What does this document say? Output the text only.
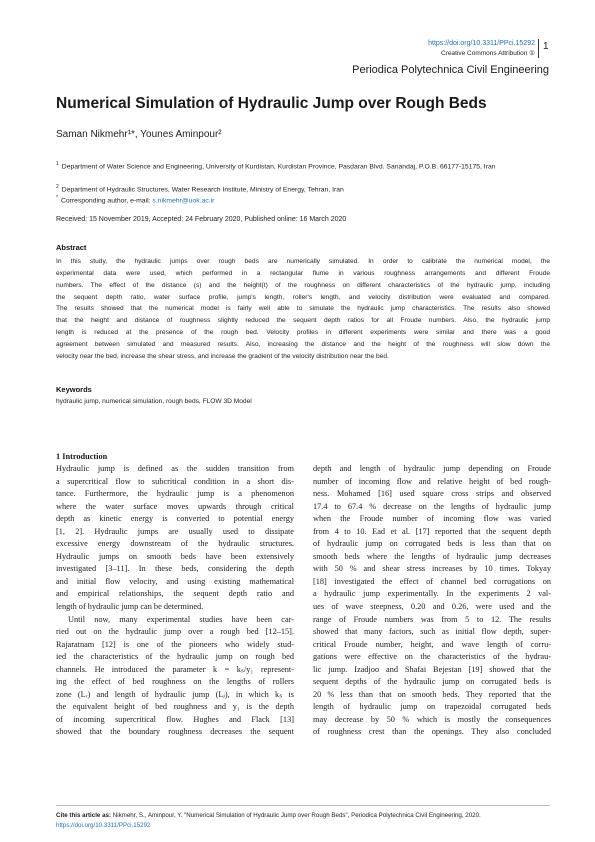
https://doi.org/10.3311/PPci.15292
Creative Commons Attribution ①
1
Periodica Polytechnica Civil Engineering
Numerical Simulation of Hydraulic Jump over Rough Beds
Saman Nikmehr¹*, Younes Aminpour²
$^1$ Department of Water Science and Engineering, University of Kurdistan, Kurdistan Province, Pasdaran Blvd. Sanandaj, P.O.B. 66177-15175, Iran
$^2$ Department of Hydraulic Structures, Water Research Institute, Ministry of Energy, Tehran, Iran
* Corresponding author, e-mail: s.nikmehr@uok.ac.ir
Received: 15 November 2019, Accepted: 24 February 2020, Published online: 16 March 2020
Abstract
In this study, the hydraulic jumps over rough beds are numerically simulated. In order to calibrate the numerical model, the
experimental data were used, which performed in a rectangular flume in various roughness arrangements and different Froude
numbers. The effect of the distance (s) and the height(t) of the roughness on different characteristics of the hydraulic jump, including
the sequent depth ratio, water surface profile, jump's length, roller's length, and velocity distribution were evaluated and compared.
The results showed that the numerical model is fairly well able to simulate the hydraulic jump characteristics. The results also showed
that the height and distance of roughness slightly reduced the sequent depth ratios for all Froude numbers. Also, the hydraulic jump
length is reduced at the presence of the rough bed. Velocity profiles in different experiments were similar and there was a good
agreement between simulated and measured results. Also, increasing the distance and the height of the roughness will slow down the
velocity near the bed, increase the shear stress, and increase the gradient of the velocity distribution near the bed.
Keywords
hydraulic jump, numerical simulation, rough beds, FLOW 3D Model
1 Introduction
Hydraulic jump is defined as the sudden transition from
a supercritical flow to subcritical condition in a short dis-
tance. Furthermore, the hydraulic jump is a phenomenon
where the water surface moves upwards through critical
depth as kinetic energy is converted to potential energy
[1, 2]. Hydraulic jumps are usually used to dissipate
excessive energy downstream of the hydraulic structures.
Hydraulic jumps on smooth beds have been extensively
investigated [3–11]. In these beds, considering the depth
and initial flow velocity, and using existing mathematical
and empirical relationships, the sequent depth ratio and
length of hydraulic jump can be determined.
Until now, many experimental studies have been car-
ried out on the hydraulic jump over a rough bed [12–15].
Rajaratnam [12] is one of the pioneers who widely stud-
ied the characteristics of the hydraulic jump on rough bed
channels. He introduced the parameter k = kₛ/y₁ represent-
ing the effect of bed roughness on the lengths of rollers
zone (Lᵣ) and length of hydraulic jump (Lⱼ), in which kₛ is
the equivalent height of bed roughness and y₁ is the depth
of incoming supercritical flow. Hughes and Flack [13]
showed that the boundary roughness decreases the sequent
depth and length of hydraulic jump depending on Froude
number of incoming flow and relative height of bed rough-
ness. Mohamed [16] used square cross strips and observed
17.4 to 67.4 % decrease on the lengths of hydraulic jump
when the Froude number of incoming flow was varied
from 4 to 10. Ead et al. [17] reported that the sequent depth
of hydraulic jump on corrugated beds is less than that on
smooth beds where the lengths of hydraulic jump decreases
with 50 % and shear stress increases by 10 times. Tokyay
[18] investigated the effect of channel bed corrugations on
a hydraulic jump experimentally. In the experiments 2 val-
ues of wave steepness, 0.20 and 0.26, were used and the
range of Froude numbers was from 5 to 12. The results
showed that many factors, such as initial flow depth, super-
critical Froude number, height, and wave length of corru-
gations were effective on the characteristics of the hydrau-
lic jump. Izadjoo and Shafai Bejestan [19] showed that the
sequent depths of the hydraulic jump on corrugated beds is
20 % less than that on smooth beds. They reported that the
length of hydraulic jump on trapezoidal corrugated beds
may decrease by 50 % which is mostly the consequences
of roughness crest than the openings. They also concluded
Cite this article as: Nikmehr, S., Aminpour, Y. "Numerical Simulation of Hydraulic Jump over Rough Beds", Periodica Polytechnica Civil Engineering, 2020.
https://doi.org/10.3311/PPci.15292
